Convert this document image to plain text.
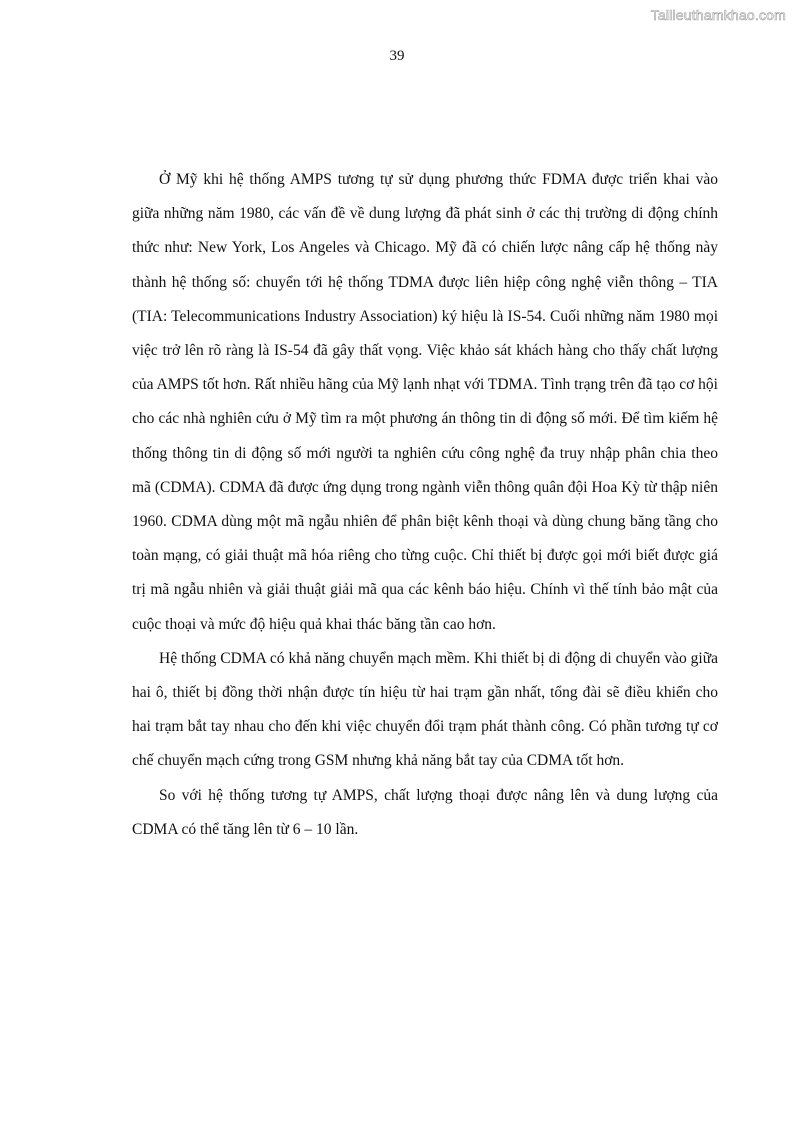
Tailieuthamkhao.com
39

Ở Mỹ khi hệ thống AMPS tương tự sử dụng phương thức FDMA được triển khai vào giữa những năm 1980, các vấn đề về dung lượng đã phát sinh ở các thị trường di động chính thức như: New York, Los Angeles và Chicago. Mỹ đã có chiến lược nâng cấp hệ thống này thành hệ thống số: chuyển tới hệ thống TDMA được liên hiệp công nghệ viễn thông – TIA (TIA: Telecommunications Industry Association) ký hiệu là IS-54. Cuối những năm 1980 mọi việc trở lên rõ ràng là IS-54 đã gây thất vọng. Việc khảo sát khách hàng cho thấy chất lượng của AMPS tốt hơn. Rất nhiều hãng của Mỹ lạnh nhạt với TDMA. Tình trạng trên đã tạo cơ hội cho các nhà nghiên cứu ở Mỹ tìm ra một phương án thông tin di động số mới. Để tìm kiếm hệ thống thông tin di động số mới người ta nghiên cứu công nghệ đa truy nhập phân chia theo mã (CDMA). CDMA đã được ứng dụng trong ngành viễn thông quân đội Hoa Kỳ từ thập niên 1960. CDMA dùng một mã ngẫu nhiên để phân biệt kênh thoại và dùng chung băng tầng cho toàn mạng, có giải thuật mã hóa riêng cho từng cuộc. Chỉ thiết bị được gọi mới biết được giá trị mã ngẫu nhiên và giải thuật giải mã qua các kênh báo hiệu. Chính vì thế tính bảo mật của cuộc thoại và mức độ hiệu quả khai thác băng tần cao hơn.

Hệ thống CDMA có khả năng chuyển mạch mềm. Khi thiết bị di động di chuyển vào giữa hai ô, thiết bị đồng thời nhận được tín hiệu từ hai trạm gần nhất, tổng đài sẽ điều khiển cho hai trạm bắt tay nhau cho đến khi việc chuyển đổi trạm phát thành công. Có phần tương tự cơ chế chuyển mạch cứng trong GSM nhưng khả năng bắt tay của CDMA tốt hơn.

So với hệ thống tương tự AMPS, chất lượng thoại được nâng lên và dung lượng của CDMA có thể tăng lên từ 6 – 10 lần.
